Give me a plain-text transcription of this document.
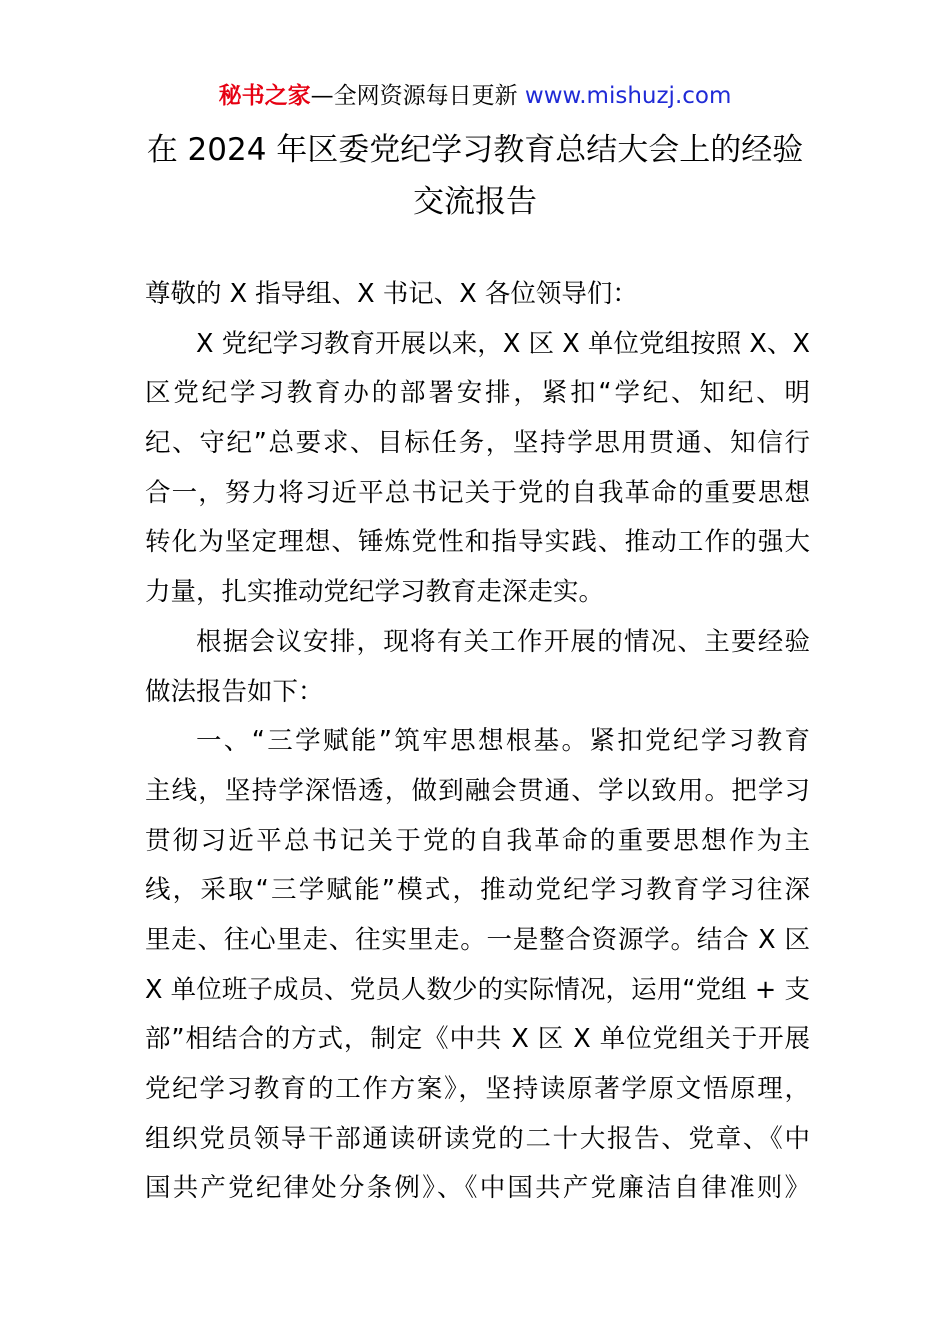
秘书之家—全网资源每日更新 www.mishuzj.com
在 2024 年区委党纪学习教育总结大会上的经验
交流报告
尊敬的 X 指导组、X 书记、X 各位领导们：
X 党纪学习教育开展以来，X 区 X 单位党组按照 X、X
区党纪学习教育办的部署安排，紧扣“学纪、知纪、明
纪、守纪”总要求、目标任务，坚持学思用贯通、知信行
合一，努力将习近平总书记关于党的自我革命的重要思想
转化为坚定理想、锤炼党性和指导实践、推动工作的强大
力量，扎实推动党纪学习教育走深走实。
根据会议安排，现将有关工作开展的情况、主要经验
做法报告如下：
一、“三学赋能”筑牢思想根基。紧扣党纪学习教育
主线，坚持学深悟透，做到融会贯通、学以致用。把学习
贯彻习近平总书记关于党的自我革命的重要思想作为主
线，采取“三学赋能”模式，推动党纪学习教育学习往深
里走、往心里走、往实里走。一是整合资源学。结合 X 区
X 单位班子成员、党员人数少的实际情况，运用“党组 + 支
部”相结合的方式，制定《中共 X 区 X 单位党组关于开展
党纪学习教育的工作方案》，坚持读原著学原文悟原理，
组织党员领导干部通读研读党的二十大报告、党章、《中
国共产党纪律处分条例》、《中国共产党廉洁自律准则》
